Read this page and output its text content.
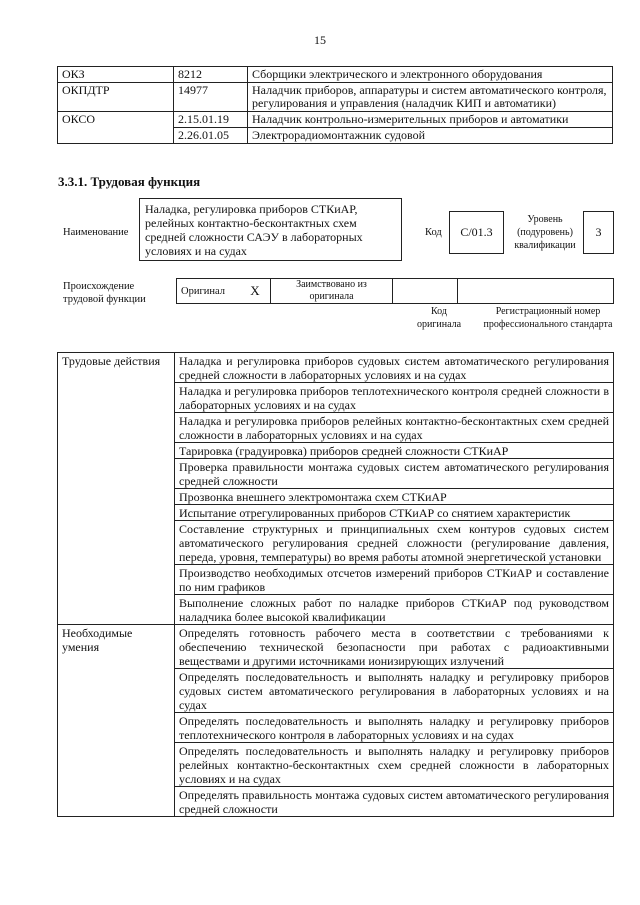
15
ОКЗ	8212	Сборщики электрического и электронного оборудования
ОКПДТР	14977	Наладчик приборов, аппаратуры и систем автоматического контроля, регулирования и управления (наладчик КИП и автоматики)
ОКСО	2.15.01.19	Наладчик контрольно-измерительных приборов и автоматики
	2.26.01.05	Электрорадиомонтажник судовой
3.3.1. Трудовая функция
Наименование
Наладка, регулировка приборов СТКиАР, релейных контактно-бесконтактных схем средней сложности САЭУ в лабораторных условиях и на судах
Код	С/01.3
Уровень (подуровень) квалификации
3
Происхождение трудовой функции
Оригинал	X	Заимствовано из оригинала		
Код оригинала
Регистрационный номер профессионального стандарта
Трудовые действия	Наладка и регулировка приборов судовых систем автоматического регулирования средней сложности в лабораторных условиях и на судах
	Наладка и регулировка приборов теплотехнического контроля средней сложности в лабораторных условиях и на судах
	Наладка и регулировка приборов релейных контактно-бесконтактных схем средней сложности в лабораторных условиях и на судах
	Тарировка (градуировка) приборов средней сложности СТКиАР
	Проверка правильности монтажа судовых систем автоматического регулирования средней сложности
	Прозвонка внешнего электромонтажа схем СТКиАР
	Испытание отрегулированных приборов СТКиАР со снятием характеристик
	Составление структурных и принципиальных схем контуров судовых систем автоматического регулирования средней сложности (регулирование давления, переда, уровня, температуры) во время работы атомной энергетической установки
	Производство необходимых отсчетов измерений приборов СТКиАР и составление по ним графиков
	Выполнение сложных работ по наладке приборов СТКиАР под руководством наладчика более высокой квалификации
Необходимые умения	Определять готовность рабочего места в соответствии с требованиями к обеспечению технической безопасности при работах с радиоактивными веществами и другими источниками ионизирующих излучений
	Определять последовательность и выполнять наладку и регулировку приборов судовых систем автоматического регулирования в лабораторных условиях и на судах
	Определять последовательность и выполнять наладку и регулировку приборов теплотехнического контроля в лабораторных условиях и на судах
	Определять последовательность и выполнять наладку и регулировку приборов релейных контактно-бесконтактных схем средней сложности в лабораторных условиях и на судах
	Определять правильность монтажа судовых систем автоматического регулирования средней сложности
